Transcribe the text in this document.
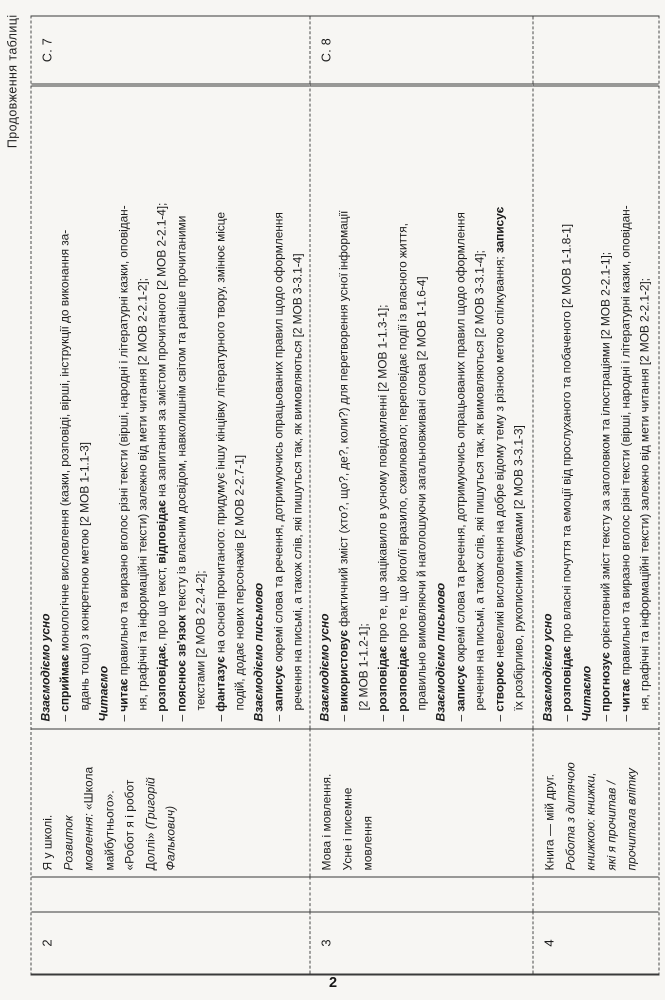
Продовження таблиці
2
Я у школі. Розвиток мовлення: «Школа
майбутнього». «Робот я і робот Доллі» (Григорій
Фалькович)
Взаємодіємо усно – сприймає монологічне висловлення (казки, розповіді, вірші, інструкції до виконання за- вдань тощо) з конкретною метою [2 МОВ 1-1.1-3] Читаємо – читає правильно та виразно вголос різні тексти (вірші, народні і літературні казки, оповідан- ня, графічні та інформаційні тексти) залежно від мети читання [2 МОВ 2-2.1-2];
– розповідає, про що текст, відповідає на запитання за змістом прочитаного [2 МОВ 2-2.1-4];
– пояснює зв’язок тексту із власним досвідом, навколишнім світом та раніше прочитаними
текстами [2 МОВ 2-2.4-2];
– фантазує на основі прочитаного: придумує іншу кінцівку літературного твору, змінює місце подій, додає нових персонажів [2 МОВ 2-2.7-1] Взаємодіємо письмово – записує окремі слова та речення, дотримуючись опрацьованих правил щодо оформлення речення на письмі, а також слів, які пишуться так, як вимовляються [2 МОВ 3-3.1-4]
С. 7
3
Мова і мовлення. Усне і писемне мовлення
Взаємодіємо усно – використовує фактичний зміст (хто?, що?, де?, коли?) для перетворення усної інформації
[2 МОВ 1-1.2-1];
– розповідає про те, що зацікавило в усному повідомленні [2 МОВ 1-1.3-1];
– розповідає про те, що його/її вразило, схвилювало; переповідає події із власного життя, правильно вимовляючи й наголошуючи загальновживані слова [2 МОВ 1-1.6-4] Взаємодіємо письмово – записує окремі слова та речення, дотримуючись опрацьованих правил щодо оформлення речення на письмі, а також слів, які пишуться так, як вимовляються [2 МОВ 3-3.1-4];
– створює невеликі висловлення на добре відому тему з різною метою спілкування; записує
їх розбірливо, рукописними буквами [2 МОВ 3-3.1-3]
С. 8
4
Книга — мій друг. Робота з дитячою книжкою: книжки, які я прочитав / прочитала влітку
Взаємодіємо усно – розповідає про власні почуття та емоції від прослуханого та побаченого [2 МОВ 1-1.8-1]
Читаємо – прогнозує орієнтовний зміст тексту за заголовком та ілюстраціями [2 МОВ 2-2.1-1];
– читає правильно та виразно вголос різні тексти (вірші, народні і літературні казки, оповідан- ня, графічні та інформаційні тексти) залежно від мети читання [2 МОВ 2-2.1-2];
2
